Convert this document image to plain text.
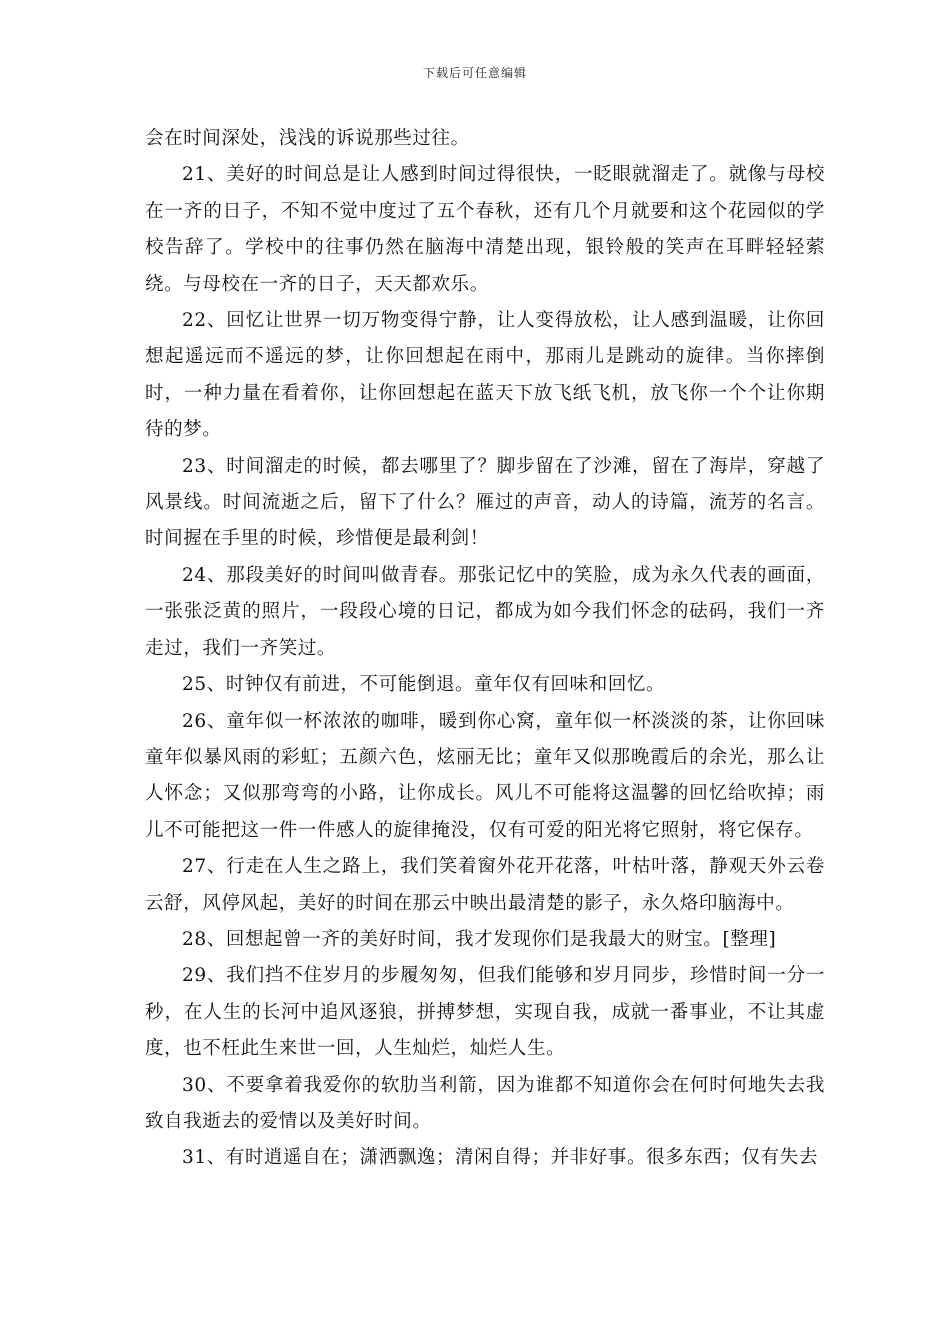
下载后可任意编辑

会在时间深处，浅浅的诉说那些过往。

21、美好的时间总是让人感到时间过得很快，一眨眼就溜走了。就像与母校在一齐的日子，不知不觉中度过了五个春秋，还有几个月就要和这个花园似的学校告辞了。学校中的往事仍然在脑海中清楚出现，银铃般的笑声在耳畔轻轻萦绕。与母校在一齐的日子，天天都欢乐。

22、回忆让世界一切万物变得宁静，让人变得放松，让人感到温暖，让你回想起遥远而不遥远的梦，让你回想起在雨中，那雨儿是跳动的旋律。当你摔倒时，一种力量在看着你，让你回想起在蓝天下放飞纸飞机，放飞你一个个让你期待的梦。

23、时间溜走的时候，都去哪里了？脚步留在了沙滩，留在了海岸，穿越了风景线。时间流逝之后，留下了什么？雁过的声音，动人的诗篇，流芳的名言。时间握在手里的时候，珍惜便是最利剑！

24、那段美好的时间叫做青春。那张记忆中的笑脸，成为永久代表的画面，一张张泛黄的照片，一段段心境的日记，都成为如今我们怀念的砝码，我们一齐走过，我们一齐笑过。

25、时钟仅有前进，不可能倒退。童年仅有回味和回忆。

26、童年似一杯浓浓的咖啡，暖到你心窝，童年似一杯淡淡的茶，让你回味童年似暴风雨的彩虹；五颜六色，炫丽无比；童年又似那晚霞后的余光，那么让人怀念；又似那弯弯的小路，让你成长。风儿不可能将这温馨的回忆给吹掉；雨儿不可能把这一件一件感人的旋律掩没，仅有可爱的阳光将它照射，将它保存。

27、行走在人生之路上，我们笑着窗外花开花落，叶枯叶落，静观天外云卷云舒，风停风起，美好的时间在那云中映出最清楚的影子，永久烙印脑海中。

28、回想起曾一齐的美好时间，我才发现你们是我最大的财宝。[整理]

29、我们挡不住岁月的步履匆匆，但我们能够和岁月同步，珍惜时间一分一秒，在人生的长河中追风逐狼，拼搏梦想，实现自我，成就一番事业，不让其虚度，也不枉此生来世一回，人生灿烂，灿烂人生。

30、不要拿着我爱你的软肋当利箭，因为谁都不知道你会在何时何地失去我致自我逝去的爱情以及美好时间。

31、有时逍遥自在；潇洒飘逸；清闲自得；并非好事。很多东西；仅有失去
